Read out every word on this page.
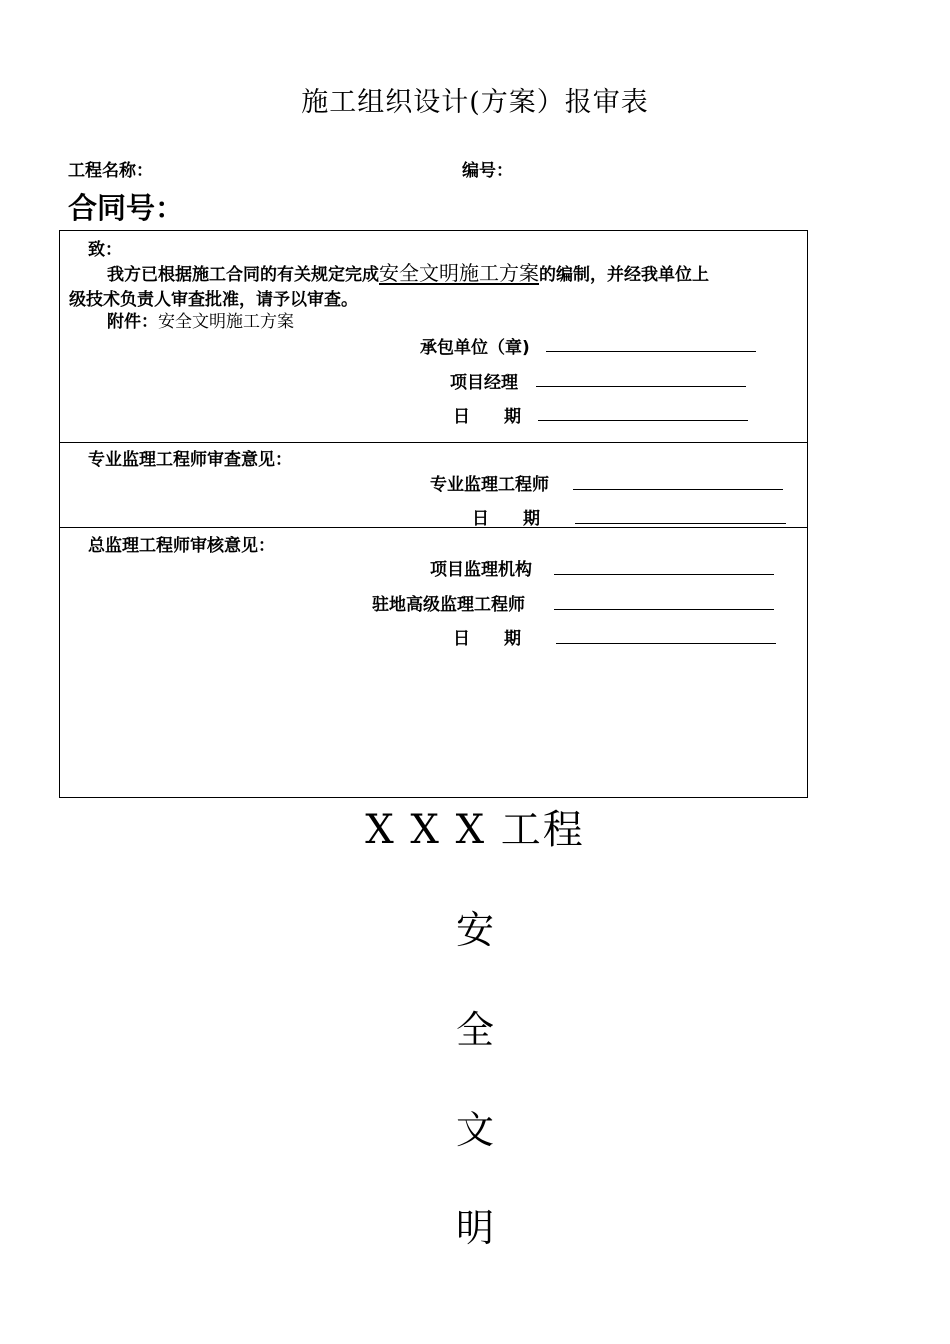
施工组织设计(方案）报审表
工程名称：	编号：
合同号：
致：
我方已根据施工合同的有关规定完成安全文明施工方案的编制，并经我单位上
级技术负责人审查批准，请予以审查。
附件：安全文明施工方案
承包单位（章)
项目经理
日　　期
专业监理工程师审查意见：
专业监理工程师
日　　期
总监理工程师审核意见：
项目监理机构
驻地高级监理工程师
日　　期
X X X 工程
安
全
文
明
